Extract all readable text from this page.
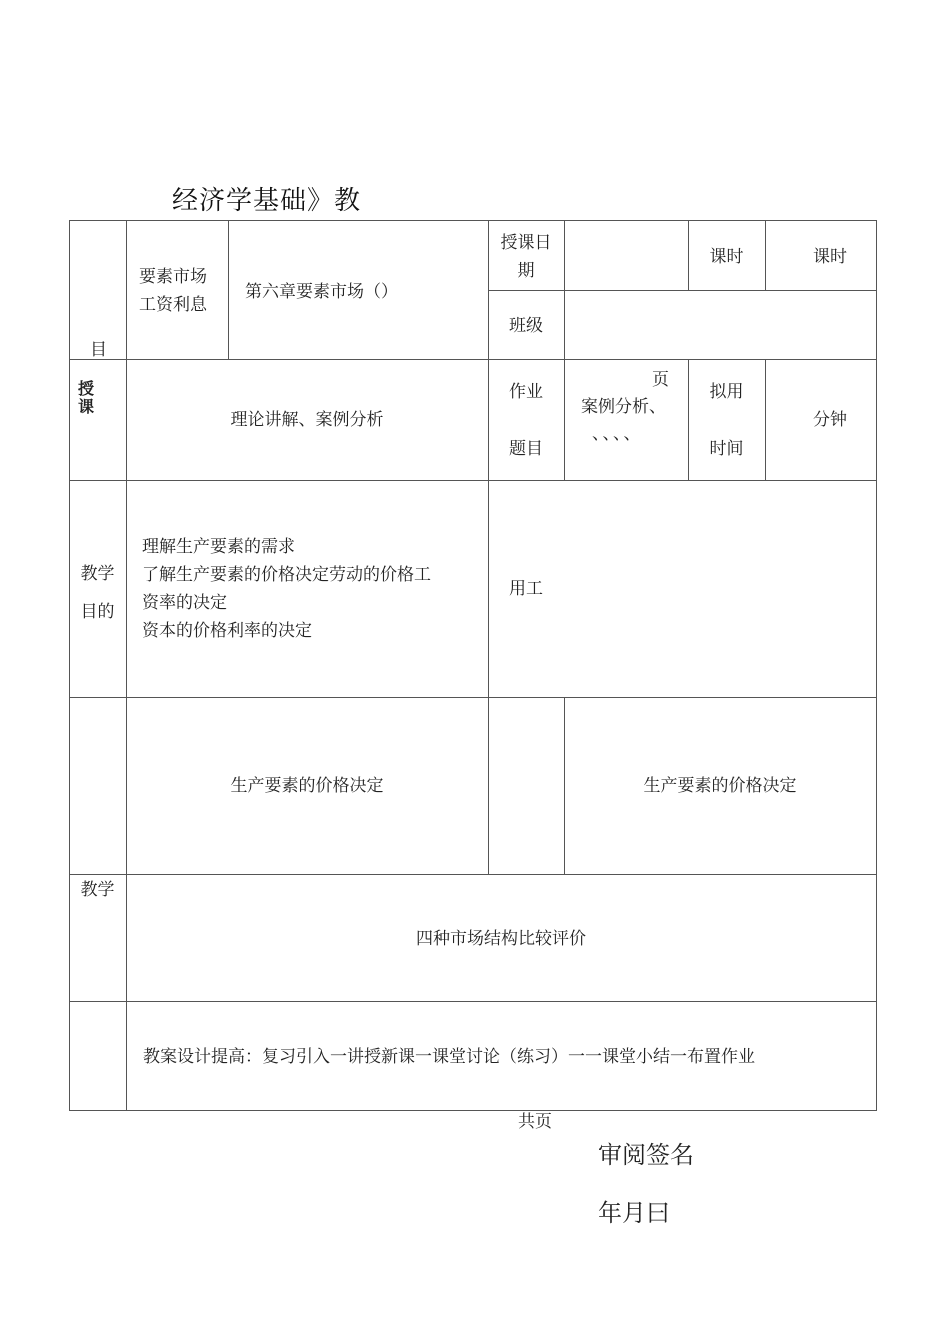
经济学基础》教
目
要素市场
工资利息
第六章要素市场（）
授课日
期
课时	课时
班级
授
课
理论讲解、案例分析
作业
题目
页
案例分析、
、、、、
拟用
时间
分钟
教学
目的
理解生产要素的需求
了解生产要素的价格决定劳动的价格工
资率的决定
资本的价格利率的决定
用工
生产要素的价格决定	生产要素的价格决定
教学
四种市场结构比较评价
教案设计提高：复习引入一讲授新课一课堂讨论（练习）一一课堂小结一布置作业
共页
审阅签名
年月曰
